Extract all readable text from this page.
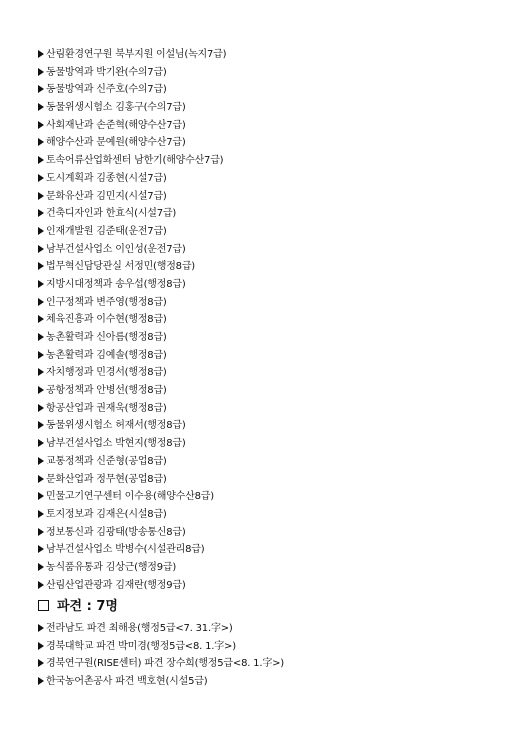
산림환경연구원 북부지원 이설님(녹지7급)
동물방역과 박기완(수의7급)
동물방역과 신주호(수의7급)
동물위생시험소 김홍구(수의7급)
사회재난과 손준혁(해양수산7급)
해양수산과 문예원(해양수산7급)
토속어류산업화센터 남한기(해양수산7급)
도시계획과 김종현(시설7급)
문화유산과 김민지(시설7급)
건축디자인과 한효식(시설7급)
인재개발원 김준태(운전7급)
남부건설사업소 이인성(운전7급)
법무혁신담당관실 서정민(행정8급)
지방시대정책과 송우섭(행정8급)
인구정책과 변주영(행정8급)
체육진흥과 이수현(행정8급)
농촌활력과 신아름(행정8급)
농촌활력과 김예솔(행정8급)
자치행정과 민경서(행정8급)
공항정책과 안병선(행정8급)
항공산업과 권재욱(행정8급)
동물위생시험소 허재서(행정8급)
남부건설사업소 박현지(행정8급)
교통정책과 신준형(공업8급)
문화산업과 정무현(공업8급)
민물고기연구센터 이수용(해양수산8급)
토지정보과 김재은(시설8급)
정보통신과 김광태(방송통신8급)
남부건설사업소 박병수(시설관리8급)
농식품유통과 김상근(행정9급)
산림산업관광과 김재란(행정9급)
파견 : 7명
전라남도 파견 최해용(행정5급<7. 31.字>)
경북대학교 파견 박미경(행정5급<8. 1.字>)
경북연구원(RISE센터) 파견 장수희(행정5급<8. 1.字>)
한국농어촌공사 파견 백호현(시설5급)
